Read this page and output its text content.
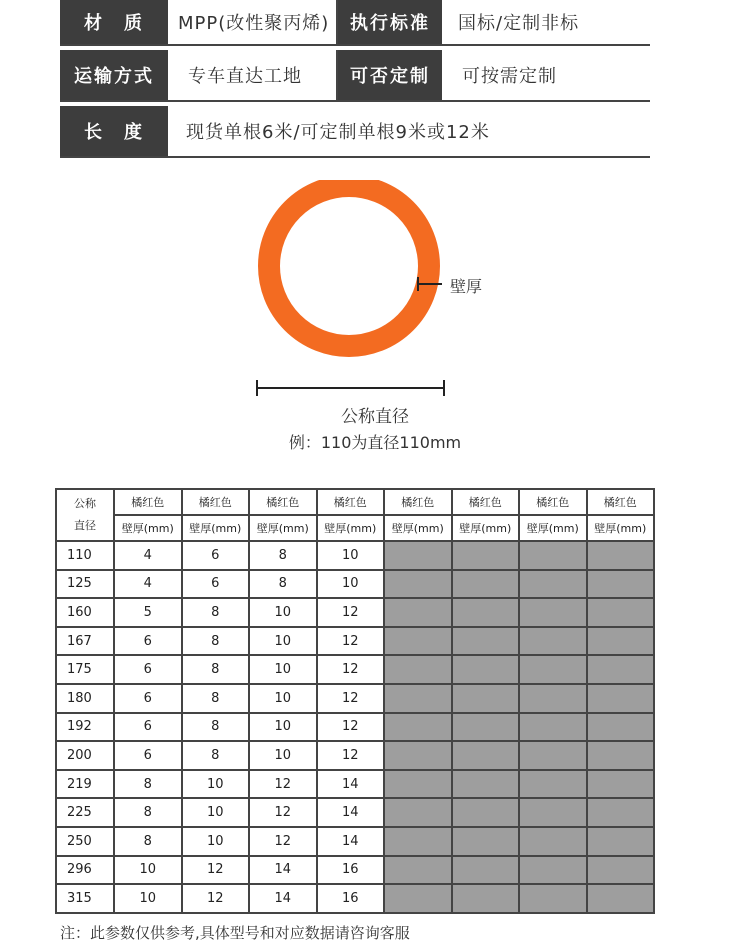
材　质	MPP(改性聚丙烯)	执行标准	国标/定制非标
运输方式	专车直达工地	可否定制	可按需定制
长　度	现货单根6米/可定制单根9米或12米
壁厚
公称直径
例：110为直径110mm
公称
直径	橘红色	橘红色	橘红色	橘红色	橘红色	橘红色	橘红色	橘红色
	壁厚(mm)	壁厚(mm)	壁厚(mm)	壁厚(mm)	壁厚(mm)	壁厚(mm)	壁厚(mm)	壁厚(mm)
110	4	6	8	10				
125	4	6	8	10				
160	5	8	10	12				
167	6	8	10	12				
175	6	8	10	12				
180	6	8	10	12				
192	6	8	10	12				
200	6	8	10	12				
219	8	10	12	14				
225	8	10	12	14				
250	8	10	12	14				
296	10	12	14	16				
315	10	12	14	16				
注：此参数仅供参考,具体型号和对应数据请咨询客服
